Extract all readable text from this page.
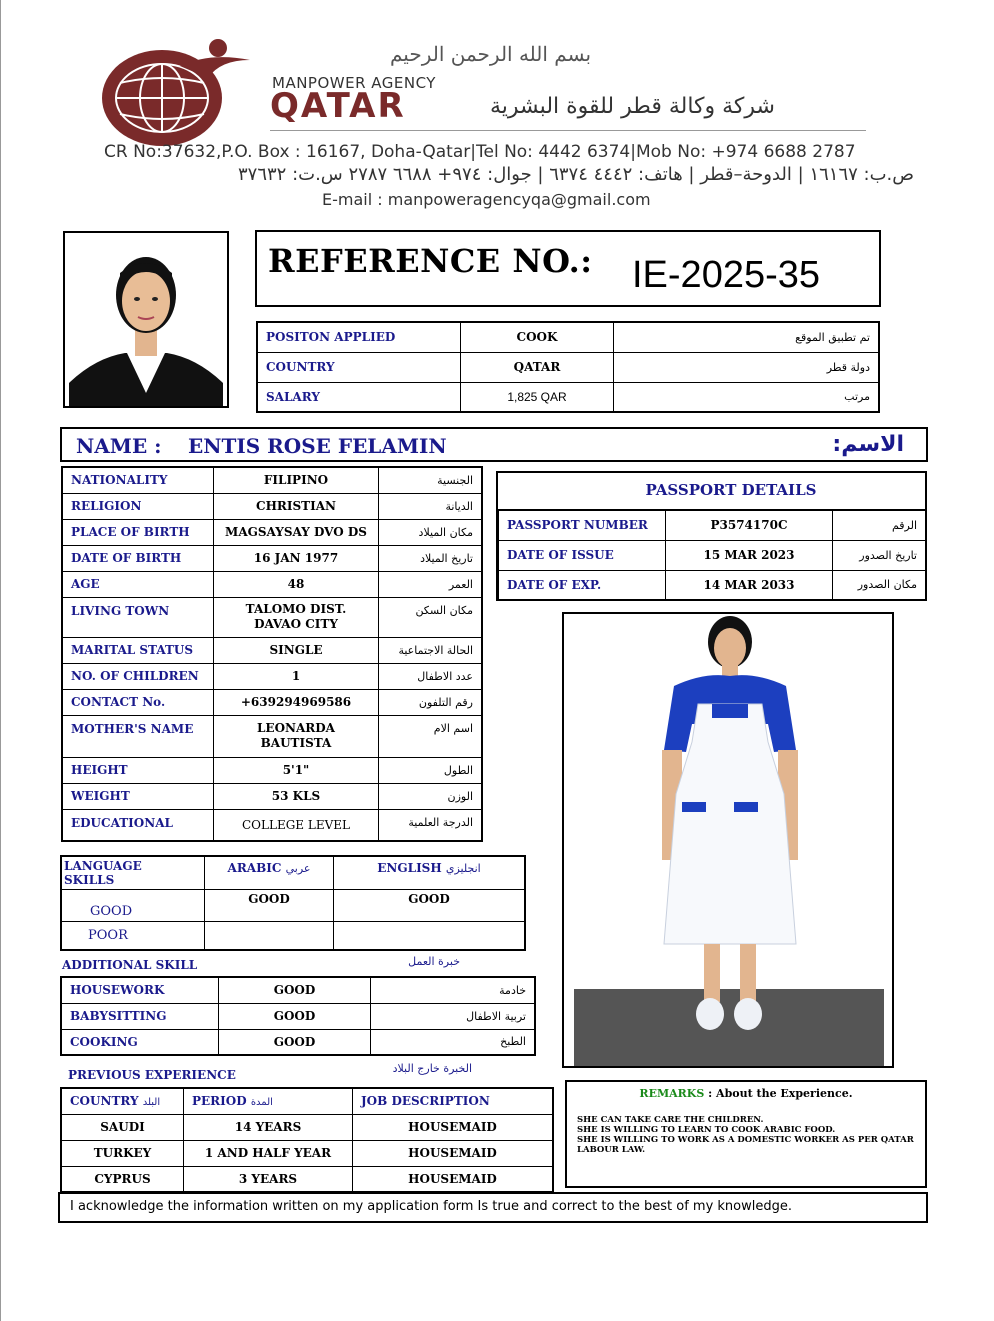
بسم الله الرحمن الرحيم
MANPOWER AGENCY
QATAR	شركة وكالة قطر للقوة البشرية
CR No:37632,P.O. Box : 16167, Doha-Qatar|Tel No: 4442 6374|Mob No: +974 6688 2787
ص.ب: ١٦١٦٧ | الدوحة–قطر | هاتف: ٤٤٤٢ ٦٣٧٤ | جوال: ٩٧٤+ ٦٦٨٨ ٢٧٨٧ س.ت: ٣٧٦٣٢
E-mail : manpoweragencyqa@gmail.com
REFERENCE NO.: IE-2025-35
POSITON APPLIED	COOK	تم تطبيق الموقع
COUNTRY	QATAR	دولة قطر
SALARY	1,825 QAR	مرتب
NAME : ENTIS ROSE FELAMIN	الاسم:
NATIONALITY	FILIPINO	الجنسية
RELIGION	CHRISTIAN	الديانة
PLACE OF BIRTH	MAGSAYSAY DVO DS	مكان الميلاد
DATE OF BIRTH	16 JAN 1977	تاريخ الميلاد
AGE	48	العمر
LIVING TOWN	TALOMO DIST.
DAVAO CITY	مكان السكن
MARITAL STATUS	SINGLE	الحالة الاجتماعية
NO. OF CHILDREN	1	عدد الاطفال
CONTACT No.	+639294969586	رقم التلفون
MOTHER'S NAME	LEONARDA
BAUTISTA	اسم الام
HEIGHT	5'1"	الطول
WEIGHT	53 KLS	الوزن
EDUCATIONAL	COLLEGE LEVEL	الدرجة العلمية
PASSPORT DETAILS
PASSPORT NUMBER	P3574170C	الرقم
DATE OF ISSUE	15 MAR 2023	تاريخ الصدور
DATE OF EXP.	14 MAR 2033	مكان الصدور
LANGUAGE SKILLS	ARABIC عربي	ENGLISH انجليزي
GOOD	GOOD	GOOD
POOR		
ADDITIONAL SKILL	خبرة العمل
HOUSEWORK	GOOD	خادمة
BABYSITTING	GOOD	تربية الاطفال
COOKING	GOOD	الطبخ
PREVIOUS EXPERIENCE	الخبرة خارج البلاد
COUNTRY البلد	PERIOD المدة	JOB DESCRIPTION
SAUDI	14 YEARS	HOUSEMAID
TURKEY	1 AND HALF YEAR	HOUSEMAID
CYPRUS	3 YEARS	HOUSEMAID
REMARKS : About the Experience.
SHE CAN TAKE CARE THE CHILDREN.
SHE IS WILLING TO LEARN TO COOK ARABIC FOOD.
SHE IS WILLING TO WORK AS A DOMESTIC WORKER AS PER QATAR LABOUR LAW.
I acknowledge the information written on my application form Is true and correct to the best of my knowledge.
